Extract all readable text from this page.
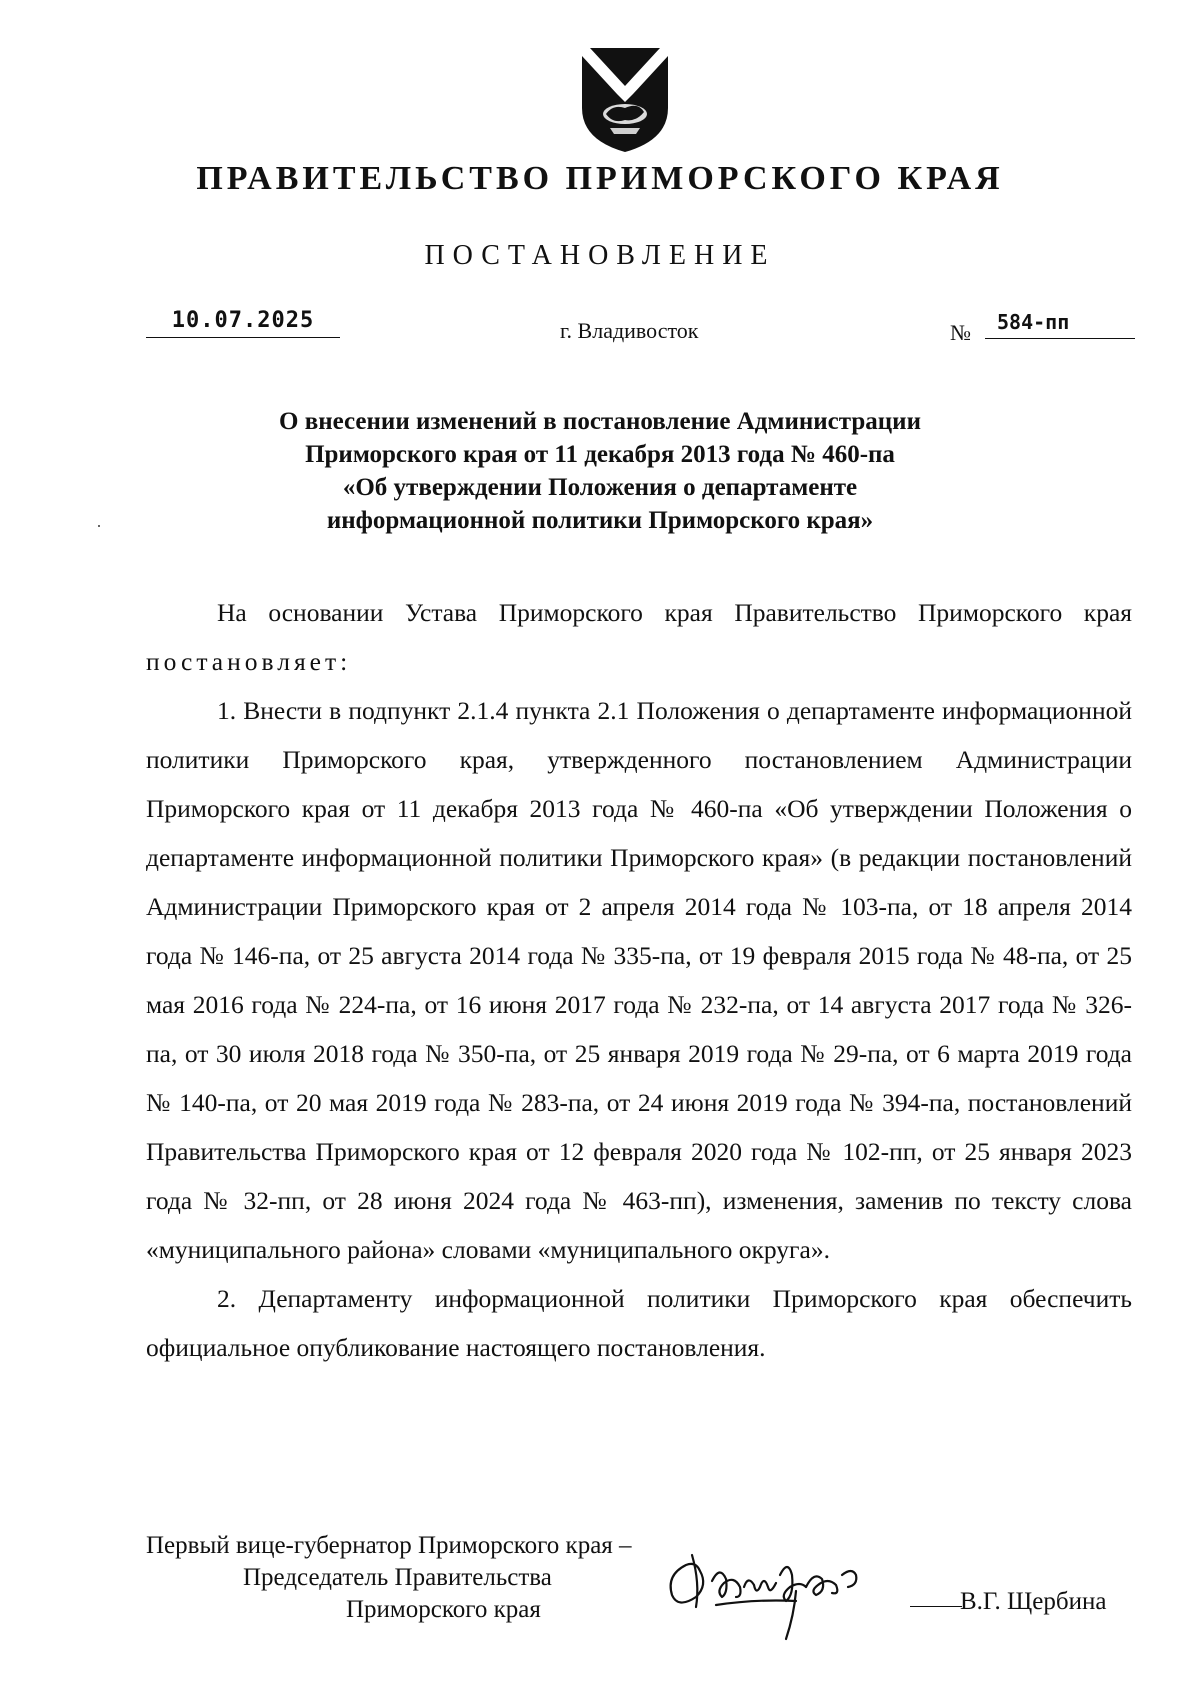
ПРАВИТЕЛЬСТВО ПРИМОРСКОГО КРАЯ
ПОСТАНОВЛЕНИЕ
10.07.2025	г. Владивосток	№	584-пп
О внесении изменений в постановление Администрации
Приморского края от 11 декабря 2013 года № 460-па
«Об утверждении Положения о департаменте
информационной политики Приморского края»

На основании Устава Приморского края Правительство Приморского края постановляет:

1. Внести в подпункт 2.1.4 пункта 2.1 Положения о департаменте информационной политики Приморского края, утвержденного постановлением Администрации Приморского края от 11 декабря 2013 года № 460-па «Об утверждении Положения о департаменте информационной политики Приморского края» (в редакции постановлений Администрации Приморского края от 2 апреля 2014 года № 103-па, от 18 апреля 2014 года № 146-па, от 25 августа 2014 года № 335-па, от 19 февраля 2015 года № 48-па, от 25 мая 2016 года № 224-па, от 16 июня 2017 года № 232-па, от 14 августа 2017 года № 326-па, от 30 июля 2018 года № 350-па, от 25 января 2019 года № 29-па, от 6 марта 2019 года № 140-па, от 20 мая 2019 года № 283-па, от 24 июня 2019 года № 394-па, постановлений Правительства Приморского края от 12 февраля 2020 года № 102-пп, от 25 января 2023 года № 32-пп, от 28 июня 2024 года № 463-пп), изменения, заменив по тексту слова «муниципального района» словами «муниципального округа».

2. Департаменту информационной политики Приморского края обеспечить официальное опубликование настоящего постановления.

Первый вице-губернатор Приморского края –
Председатель Правительства
Приморского края	В.Г. Щербина
